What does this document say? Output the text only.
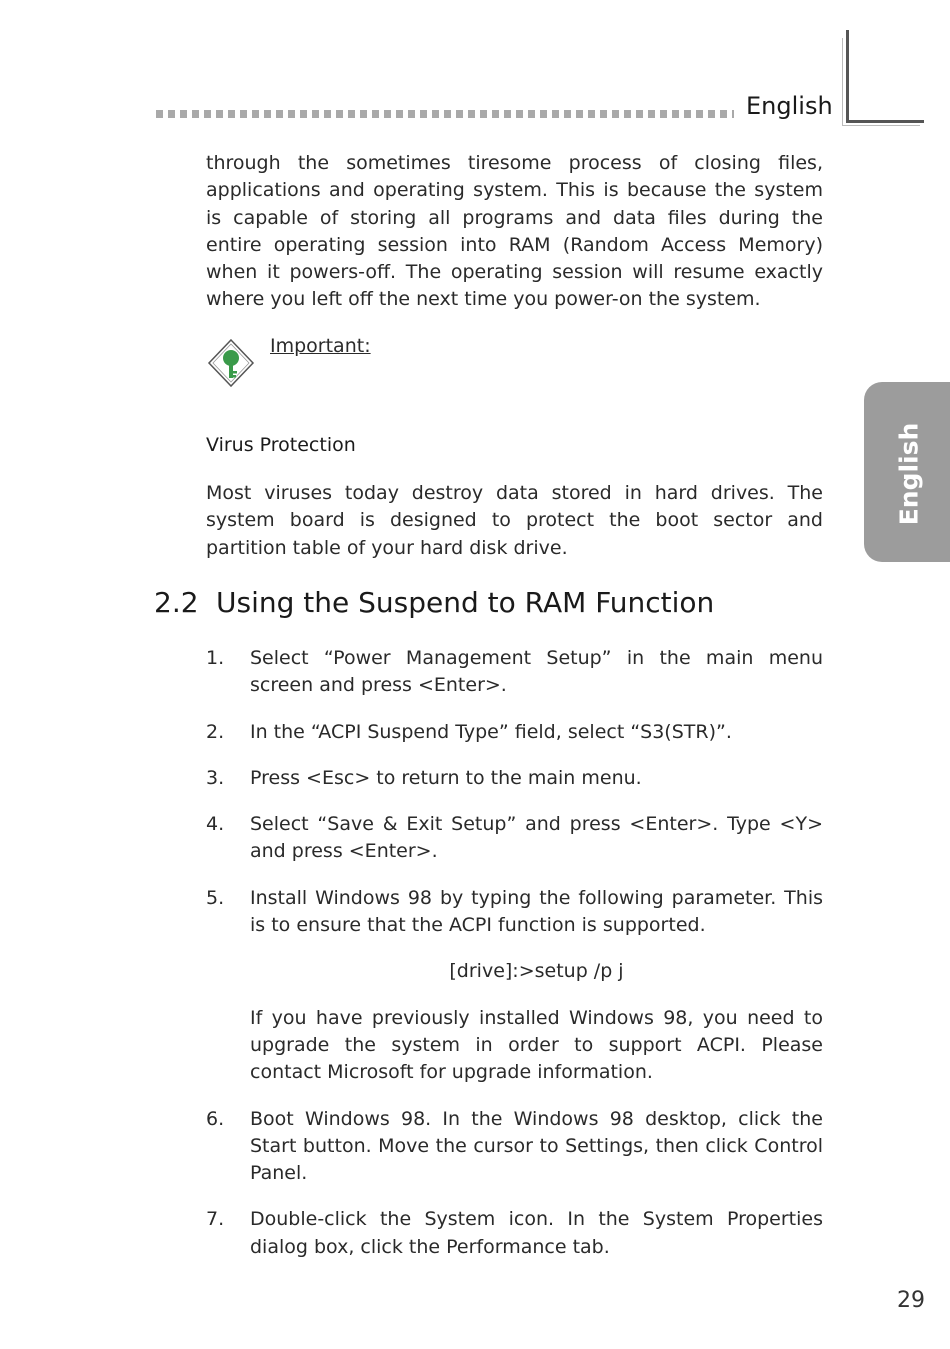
English
English
through the sometimes tiresome process of closing files, applications and operating system. This is because the system is capable of storing all programs and data files during the entire operating session into RAM (Random Access Memory) when it powers-off. The operating session will resume exactly where you left off the next time you power-on the system.
Important:
Virus Protection
Most viruses today destroy data stored in hard drives. The system board is designed to protect the boot sector and partition table of your hard disk drive.
2.2 Using the Suspend to RAM Function
1.	Select “Power Management Setup” in the main menu screen and press <Enter>.
2.	In the “ACPI Suspend Type” field, select “S3(STR)”.
3.	Press <Esc> to return to the main menu.
4.	Select “Save & Exit Setup” and press <Enter>. Type <Y> and press <Enter>.
5.	Install Windows 98 by typing the following parameter. This is to ensure that the ACPI function is supported.
[drive]:>setup /p j
If you have previously installed Windows 98, you need to upgrade the system in order to support ACPI. Please contact Microsoft for upgrade information.
6.	Boot Windows 98. In the Windows 98 desktop, click the Start button. Move the cursor to Settings, then click Control Panel.
7.	Double-click the System icon. In the System Properties dialog box, click the Performance tab.
29
